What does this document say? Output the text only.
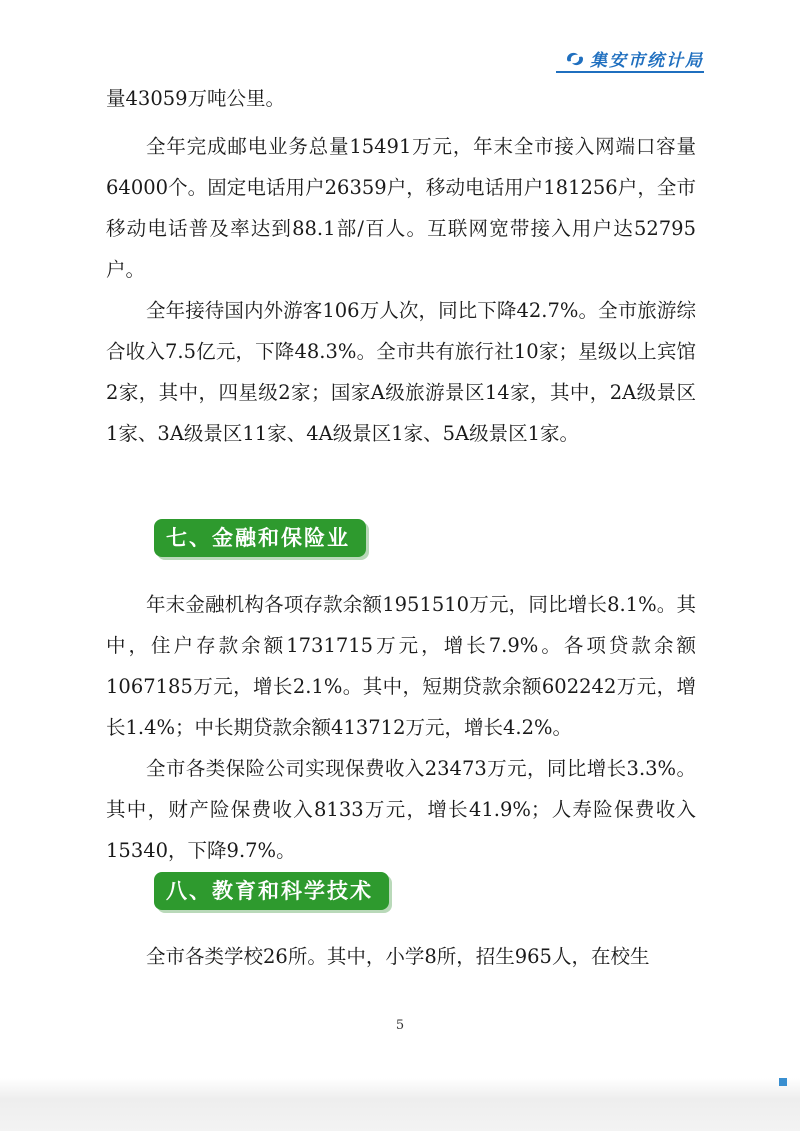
集安市统计局
量43059万吨公里。
全年完成邮电业务总量15491万元，年末全市接入网端口容量64000个。固定电话用户26359户，移动电话用户181256户，全市移动电话普及率达到88.1部/百人。互联网宽带接入用户达52795户。
全年接待国内外游客106万人次，同比下降42.7%。全市旅游综合收入7.5亿元，下降48.3%。全市共有旅行社10家；星级以上宾馆2家，其中，四星级2家；国家A级旅游景区14家，其中，2A级景区1家、3A级景区11家、4A级景区1家、5A级景区1家。
七、金融和保险业
年末金融机构各项存款余额1951510万元，同比增长8.1%。其中，住户存款余额1731715万元，增长7.9%。各项贷款余额1067185万元，增长2.1%。其中，短期贷款余额602242万元，增长1.4%；中长期贷款余额413712万元，增长4.2%。
全市各类保险公司实现保费收入23473万元，同比增长3.3%。其中，财产险保费收入8133万元，增长41.9%；人寿险保费收入15340，下降9.7%。
八、教育和科学技术
全市各类学校26所。其中，小学8所，招生965人，在校生
5
